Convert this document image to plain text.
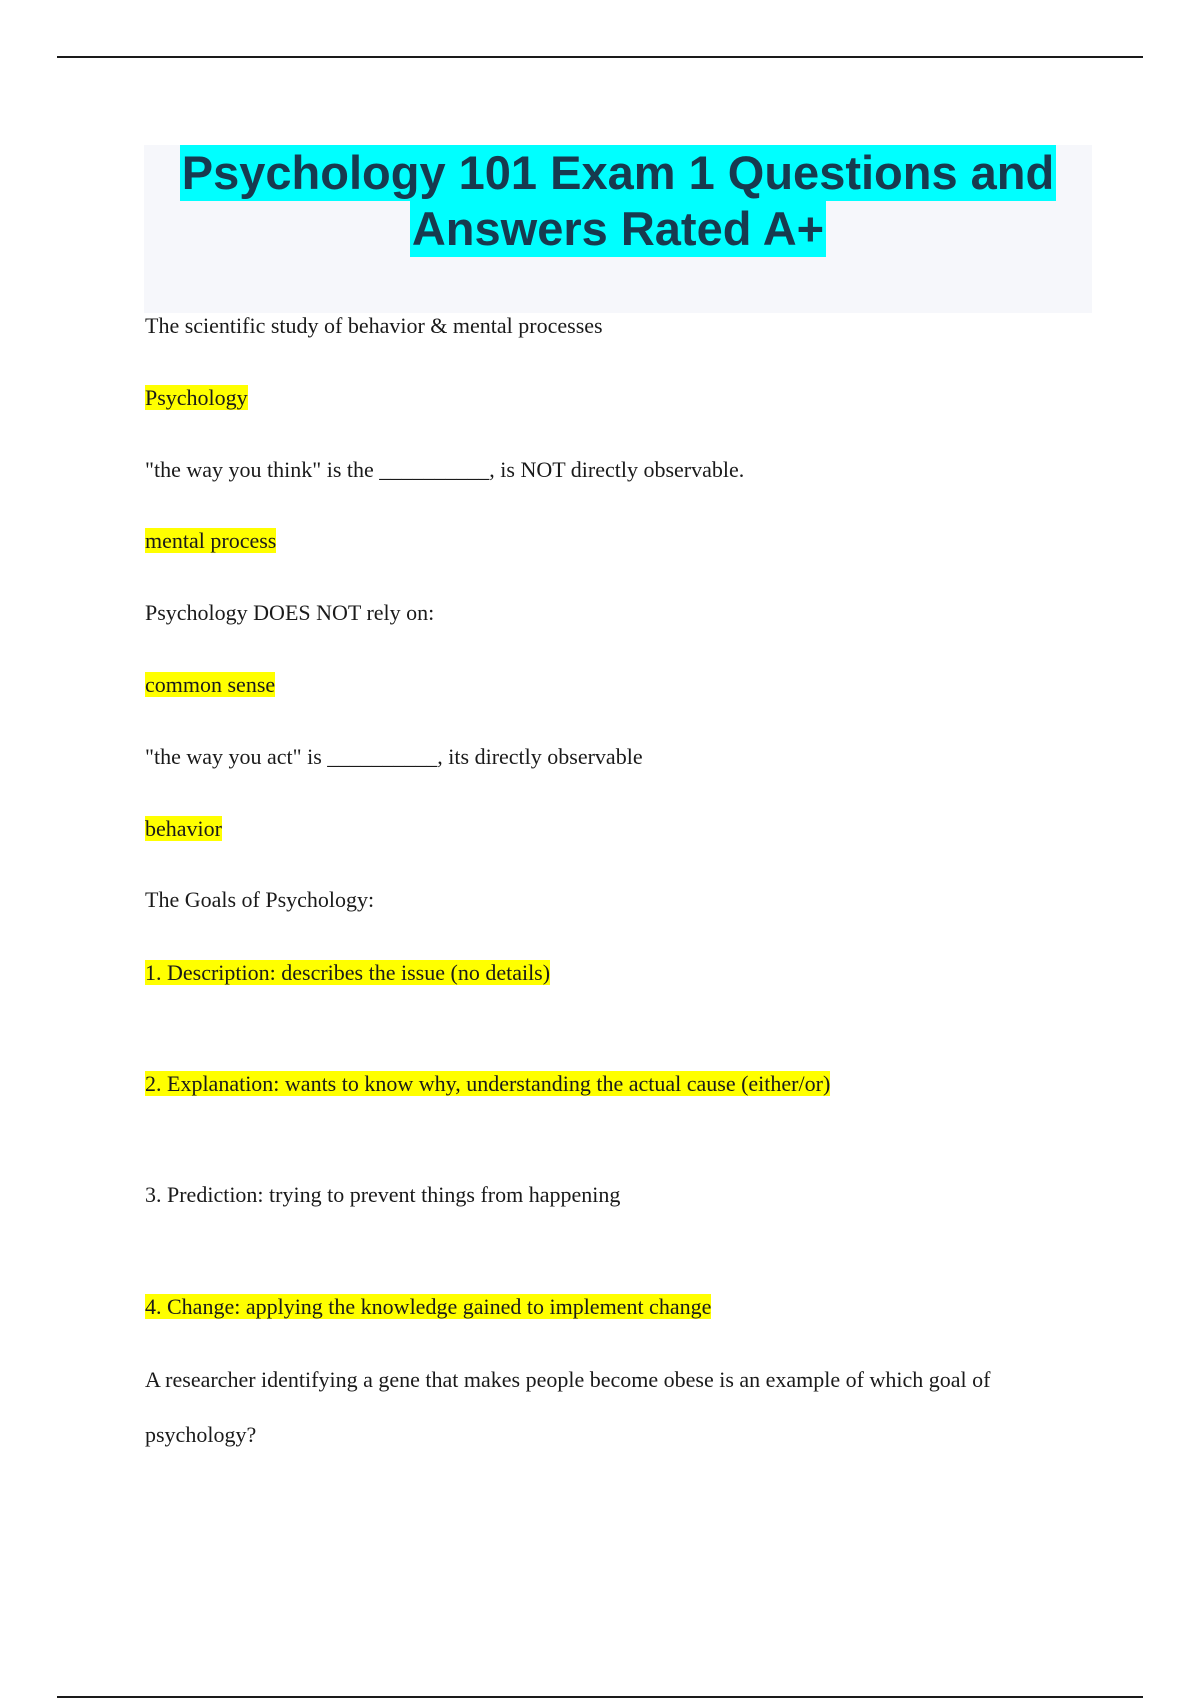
Psychology 101 Exam 1 Questions and
Answers Rated A+
The scientific study of behavior & mental processes
Psychology
"the way you think" is the __________, is NOT directly observable.
mental process
Psychology DOES NOT rely on:
common sense
"the way you act" is __________, its directly observable
behavior
The Goals of Psychology:
1. Description: describes the issue (no details)
2. Explanation: wants to know why, understanding the actual cause (either/or)
3. Prediction: trying to prevent things from happening
4. Change: applying the knowledge gained to implement change
A researcher identifying a gene that makes people become obese is an example of which goal of psychology?
